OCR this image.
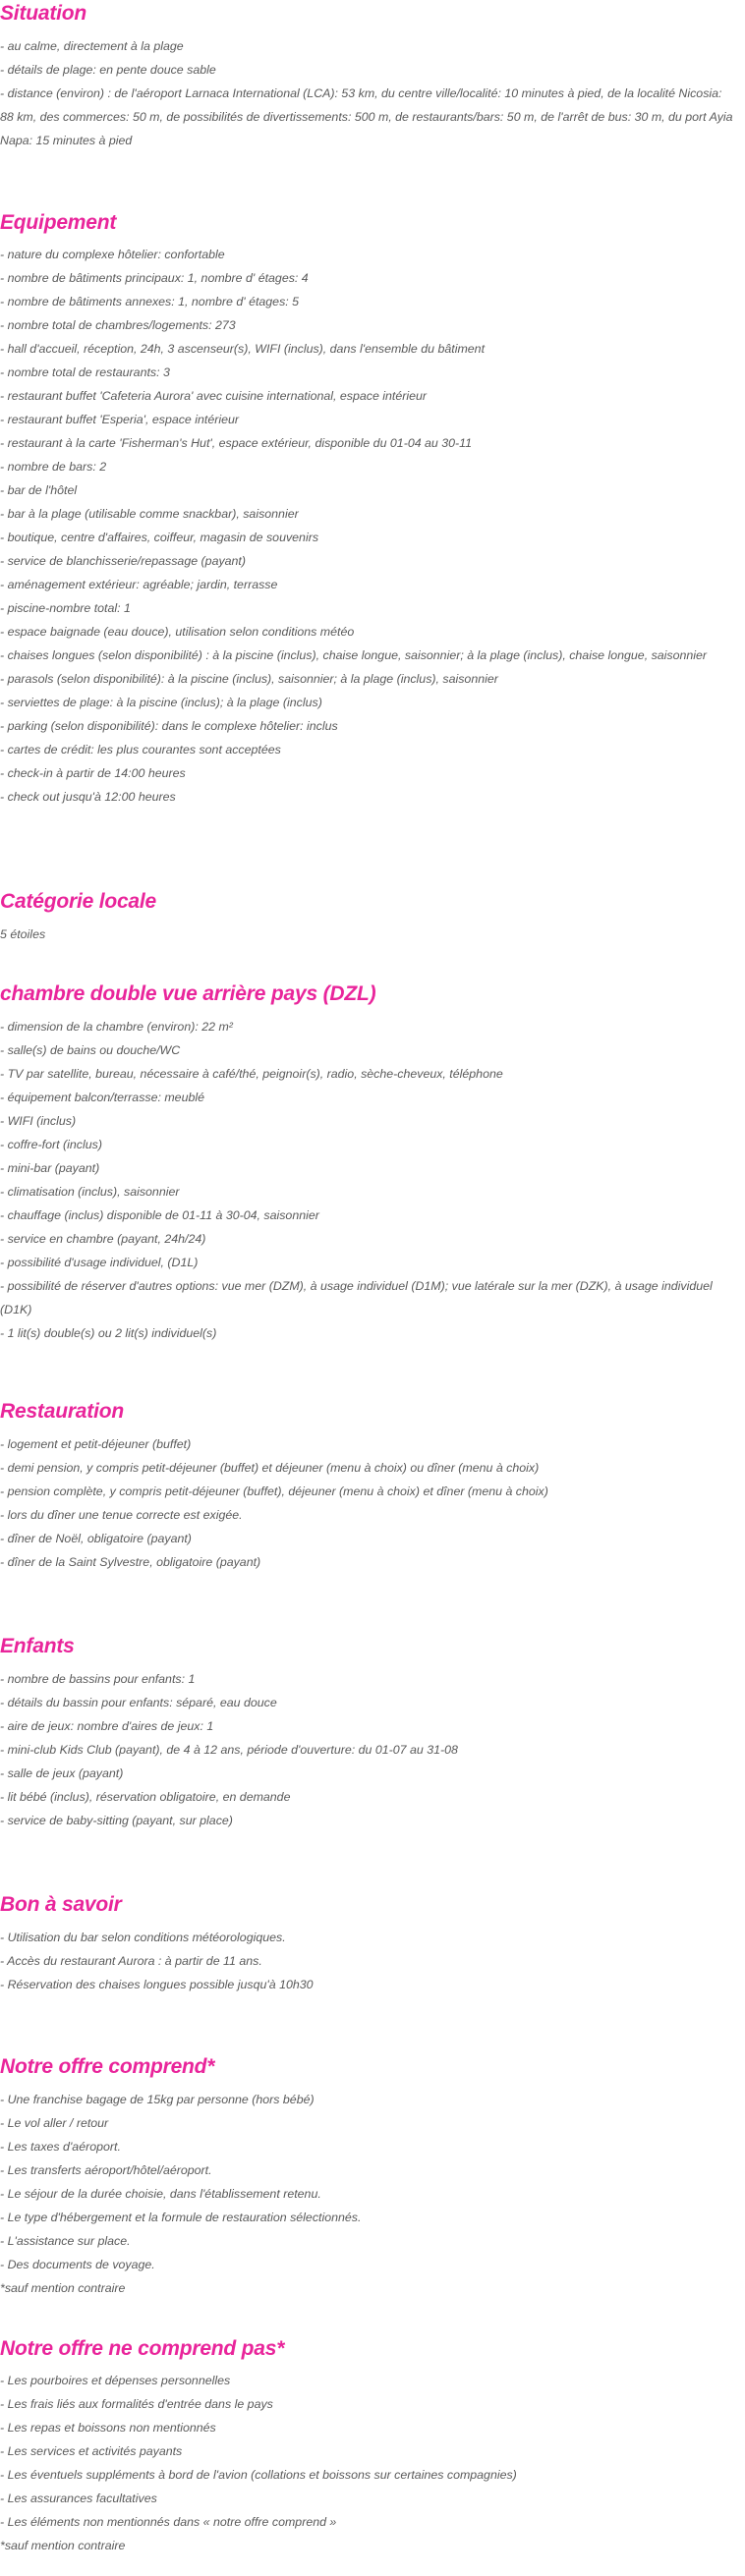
Situation
- au calme, directement à la plage
- détails de plage: en pente douce sable
- distance (environ) : de l'aéroport Larnaca International (LCA): 53 km, du centre ville/localité: 10 minutes à pied, de la localité Nicosia: 88 km, des commerces: 50 m, de possibilités de divertissements: 500 m, de restaurants/bars: 50 m, de l'arrêt de bus: 30 m, du port Ayia Napa: 15 minutes à pied
Equipement
- nature du complexe hôtelier: confortable
- nombre de bâtiments principaux: 1, nombre d' étages: 4
- nombre de bâtiments annexes: 1, nombre d' étages: 5
- nombre total de chambres/logements: 273
- hall d'accueil, réception, 24h, 3 ascenseur(s), WIFI (inclus), dans l'ensemble du bâtiment
- nombre total de restaurants: 3
- restaurant buffet 'Cafeteria Aurora' avec cuisine international, espace intérieur
- restaurant buffet 'Esperia', espace intérieur
- restaurant à la carte 'Fisherman's Hut', espace extérieur, disponible du 01-04 au 30-11
- nombre de bars: 2
- bar de l'hôtel
- bar à la plage (utilisable comme snackbar), saisonnier
- boutique, centre d'affaires, coiffeur, magasin de souvenirs
- service de blanchisserie/repassage (payant)
- aménagement extérieur: agréable; jardin, terrasse
- piscine-nombre total: 1
- espace baignade (eau douce), utilisation selon conditions météo
- chaises longues (selon disponibilité) : à la piscine (inclus), chaise longue, saisonnier; à la plage (inclus), chaise longue, saisonnier
- parasols (selon disponibilité): à la piscine (inclus), saisonnier; à la plage (inclus), saisonnier
- serviettes de plage: à la piscine (inclus); à la plage (inclus)
- parking (selon disponibilité): dans le complexe hôtelier: inclus
- cartes de crédit: les plus courantes sont acceptées
- check-in à partir de 14:00 heures
- check out jusqu'à 12:00 heures
Catégorie locale
5 étoiles
chambre double vue arrière pays (DZL)
- dimension de la chambre (environ): 22 m²
- salle(s) de bains ou douche/WC
- TV par satellite, bureau, nécessaire à café/thé, peignoir(s), radio, sèche-cheveux, téléphone
- équipement balcon/terrasse: meublé
- WIFI (inclus)
- coffre-fort (inclus)
- mini-bar (payant)
- climatisation (inclus), saisonnier
- chauffage (inclus) disponible de 01-11 à 30-04, saisonnier
- service en chambre (payant, 24h/24)
- possibilité d'usage individuel, (D1L)
- possibilité de réserver d'autres options: vue mer (DZM), à usage individuel (D1M); vue latérale sur la mer (DZK), à usage individuel (D1K)
- 1 lit(s) double(s) ou 2 lit(s) individuel(s)
Restauration
- logement et petit-déjeuner (buffet)
- demi pension, y compris petit-déjeuner (buffet) et déjeuner (menu à choix) ou dîner (menu à choix)
- pension complète, y compris petit-déjeuner (buffet), déjeuner (menu à choix) et dîner (menu à choix)
- lors du dîner une tenue correcte est exigée.
- dîner de Noël, obligatoire (payant)
- dîner de la Saint Sylvestre, obligatoire (payant)
Enfants
- nombre de bassins pour enfants: 1
- détails du bassin pour enfants: séparé, eau douce
- aire de jeux: nombre d'aires de jeux: 1
- mini-club Kids Club (payant), de 4 à 12 ans, période d'ouverture: du 01-07 au 31-08
- salle de jeux (payant)
- lit bébé (inclus), réservation obligatoire, en demande
- service de baby-sitting (payant, sur place)
Bon à savoir
- Utilisation du bar selon conditions météorologiques.
- Accès du restaurant Aurora : à partir de 11 ans.
- Réservation des chaises longues possible jusqu'à 10h30
Notre offre comprend*
- Une franchise bagage de 15kg par personne (hors bébé)
- Le vol aller / retour
- Les taxes d'aéroport.
- Les transferts aéroport/hôtel/aéroport.
- Le séjour de la durée choisie, dans l'établissement retenu.
- Le type d'hébergement et la formule de restauration sélectionnés.
- L'assistance sur place.
- Des documents de voyage.
*sauf mention contraire
Notre offre ne comprend pas*
- Les pourboires et dépenses personnelles
- Les frais liés aux formalités d'entrée dans le pays
- Les repas et boissons non mentionnés
- Les services et activités payants
- Les éventuels suppléments à bord de l'avion (collations et boissons sur certaines compagnies)
- Les assurances facultatives
- Les éléments non mentionnés dans « notre offre comprend »
*sauf mention contraire
